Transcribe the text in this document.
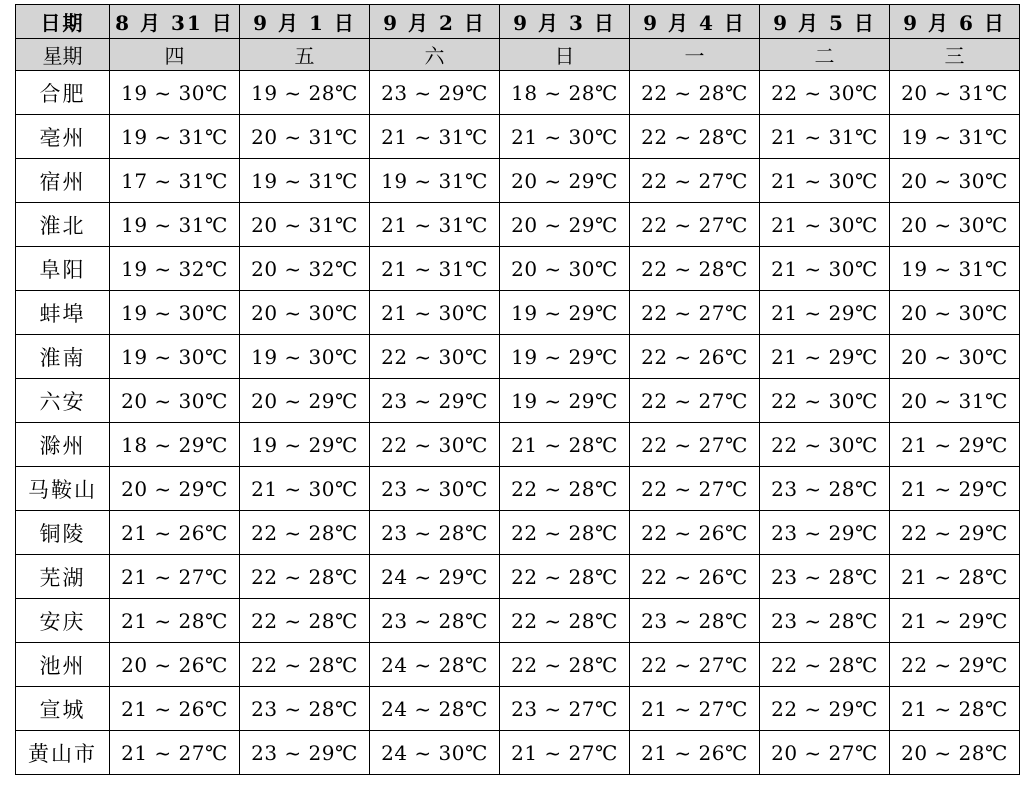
日期	8 月 31 日	9 月 1 日	9 月 2 日	9 月 3 日	9 月 4 日	9 月 5 日	9 月 6 日
星期	四	五	六	日	一	二	三
合肥	19 ~ 30℃	19 ~ 28℃	23 ~ 29℃	18 ~ 28℃	22 ~ 28℃	22 ~ 30℃	20 ~ 31℃
亳州	19 ~ 31℃	20 ~ 31℃	21 ~ 31℃	21 ~ 30℃	22 ~ 28℃	21 ~ 31℃	19 ~ 31℃
宿州	17 ~ 31℃	19 ~ 31℃	19 ~ 31℃	20 ~ 29℃	22 ~ 27℃	21 ~ 30℃	20 ~ 30℃
淮北	19 ~ 31℃	20 ~ 31℃	21 ~ 31℃	20 ~ 29℃	22 ~ 27℃	21 ~ 30℃	20 ~ 30℃
阜阳	19 ~ 32℃	20 ~ 32℃	21 ~ 31℃	20 ~ 30℃	22 ~ 28℃	21 ~ 30℃	19 ~ 31℃
蚌埠	19 ~ 30℃	20 ~ 30℃	21 ~ 30℃	19 ~ 29℃	22 ~ 27℃	21 ~ 29℃	20 ~ 30℃
淮南	19 ~ 30℃	19 ~ 30℃	22 ~ 30℃	19 ~ 29℃	22 ~ 26℃	21 ~ 29℃	20 ~ 30℃
六安	20 ~ 30℃	20 ~ 29℃	23 ~ 29℃	19 ~ 29℃	22 ~ 27℃	22 ~ 30℃	20 ~ 31℃
滁州	18 ~ 29℃	19 ~ 29℃	22 ~ 30℃	21 ~ 28℃	22 ~ 27℃	22 ~ 30℃	21 ~ 29℃
马鞍山	20 ~ 29℃	21 ~ 30℃	23 ~ 30℃	22 ~ 28℃	22 ~ 27℃	23 ~ 28℃	21 ~ 29℃
铜陵	21 ~ 26℃	22 ~ 28℃	23 ~ 28℃	22 ~ 28℃	22 ~ 26℃	23 ~ 29℃	22 ~ 29℃
芜湖	21 ~ 27℃	22 ~ 28℃	24 ~ 29℃	22 ~ 28℃	22 ~ 26℃	23 ~ 28℃	21 ~ 28℃
安庆	21 ~ 28℃	22 ~ 28℃	23 ~ 28℃	22 ~ 28℃	23 ~ 28℃	23 ~ 28℃	21 ~ 29℃
池州	20 ~ 26℃	22 ~ 28℃	24 ~ 28℃	22 ~ 28℃	22 ~ 27℃	22 ~ 28℃	22 ~ 29℃
宣城	21 ~ 26℃	23 ~ 28℃	24 ~ 28℃	23 ~ 27℃	21 ~ 27℃	22 ~ 29℃	21 ~ 28℃
黄山市	21 ~ 27℃	23 ~ 29℃	24 ~ 30℃	21 ~ 27℃	21 ~ 26℃	20 ~ 27℃	20 ~ 28℃
